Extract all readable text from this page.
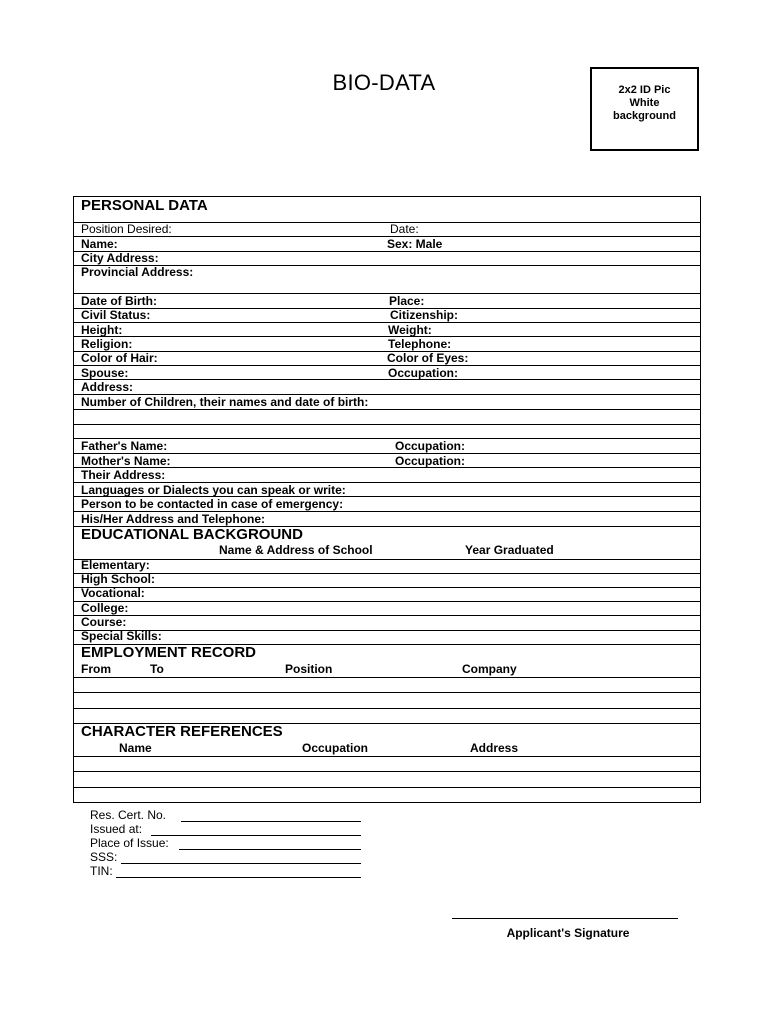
BIO-DATA	2x2 ID Pic
White
background
PERSONAL DATA
Position Desired:	Date:
Name:	Sex: Male
City Address:
Provincial Address:
Date of Birth:	Place:
Civil Status:	Citizenship:
Height:	Weight:
Religion:	Telephone:
Color of Hair:	Color of Eyes:
Spouse:	Occupation:
Address:
Number of Children, their names and date of birth:
Father's Name:	Occupation:
Mother's Name:	Occupation:
Their Address:
Languages or Dialects you can speak or write:
Person to be contacted in case of emergency:
His/Her Address and Telephone:
EDUCATIONAL BACKGROUND
Name & Address of School	Year Graduated
Elementary:
High School:
Vocational:
College:
Course:
Special Skills:
EMPLOYMENT RECORD
From	To	Position	Company
CHARACTER REFERENCES
Name	Occupation	Address
Res. Cert. No.
Issued at:
Place of Issue:
SSS:
TIN:
Applicant's Signature
